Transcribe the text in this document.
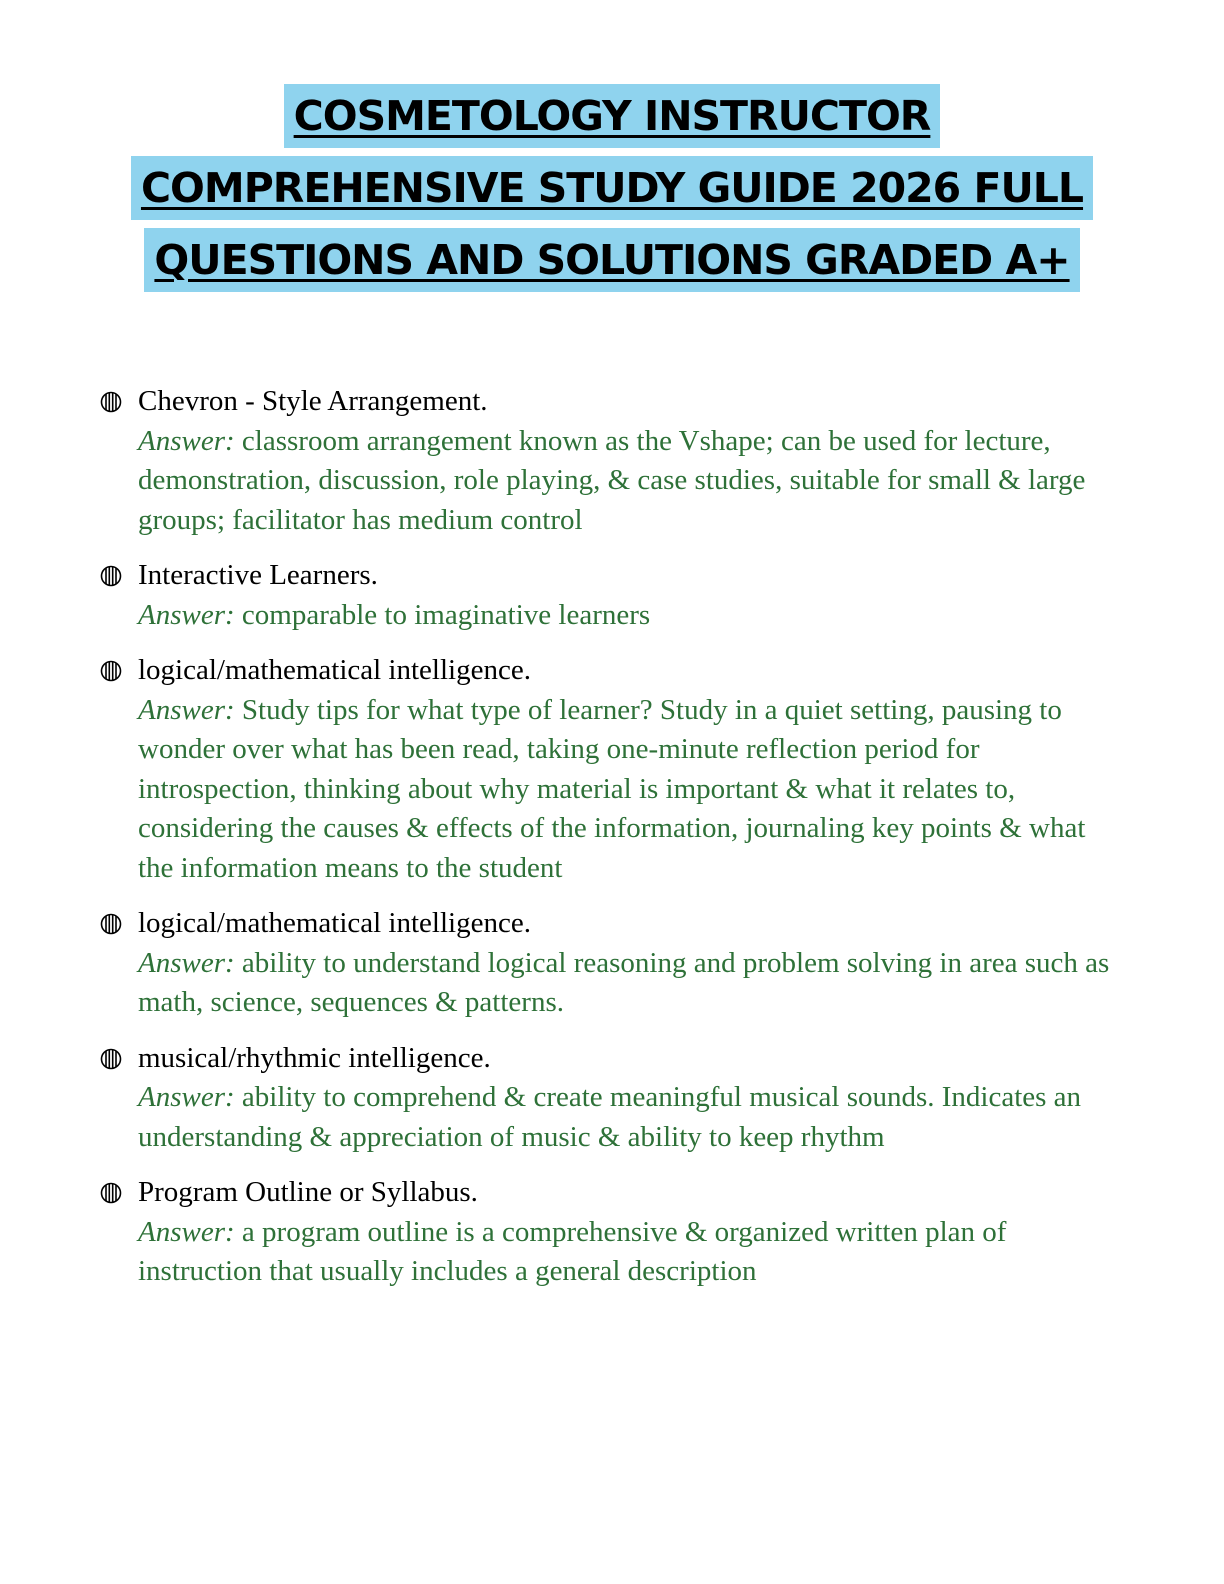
COSMETOLOGY INSTRUCTOR
COMPREHENSIVE STUDY GUIDE 2026 FULL
QUESTIONS AND SOLUTIONS GRADED A+
Chevron - Style Arrangement.
Answer: classroom arrangement known as the Vshape; can be used for lecture, demonstration, discussion, role playing, & case studies, suitable for small & large groups; facilitator has medium control
Interactive Learners.
Answer: comparable to imaginative learners
logical/mathematical intelligence.
Answer: Study tips for what type of learner? Study in a quiet setting, pausing to wonder over what has been read, taking one-minute reflection period for introspection, thinking about why material is important & what it relates to, considering the causes & effects of the information, journaling key points & what the information means to the student
logical/mathematical intelligence.
Answer: ability to understand logical reasoning and problem solving in area such as math, science, sequences & patterns.
musical/rhythmic intelligence.
Answer: ability to comprehend & create meaningful musical sounds. Indicates an understanding & appreciation of music & ability to keep rhythm
Program Outline or Syllabus.
Answer: a program outline is a comprehensive & organized written plan of instruction that usually includes a general description
